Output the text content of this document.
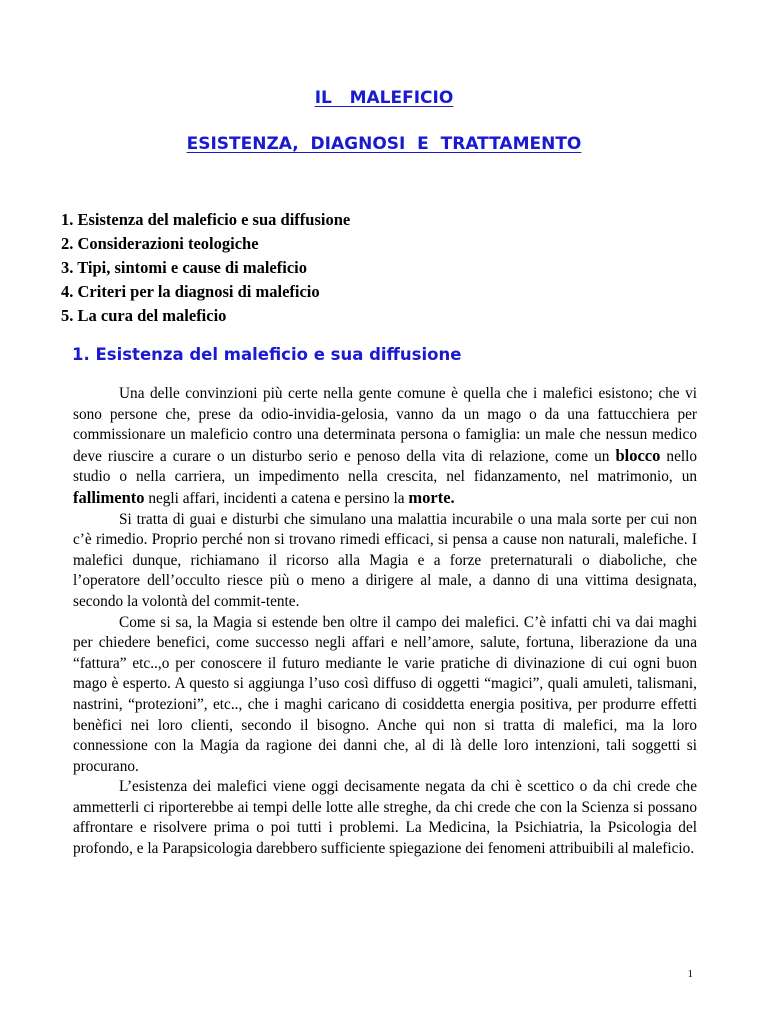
IL   MALEFICIO
ESISTENZA,  DIAGNOSI  E  TRATTAMENTO
1. Esistenza del maleficio e sua diffusione
2. Considerazioni teologiche
3. Tipi, sintomi e cause di maleficio
4. Criteri per la diagnosi di maleficio
5. La cura del maleficio
1. Esistenza del maleficio e sua diffusione

Una delle convinzioni più certe nella gente comune è quella che i malefici esistono; che vi sono persone che, prese da odio-invidia-gelosia, vanno da un mago o da una fattucchiera per commissionare un maleficio contro una determinata persona o famiglia: un male che nessun medico deve riuscire a curare o un disturbo serio e penoso della vita di relazione, come un blocco nello studio o nella carriera, un impedimento nella crescita, nel fidanzamento, nel matrimonio, un fallimento negli affari, incidenti a catena e persino la morte.

Si tratta di guai e disturbi che simulano una malattia incurabile o una mala sorte per cui non c’è rimedio. Proprio perché non si trovano rimedi efficaci, si pensa a cause non naturali, malefiche. I malefici dunque, richiamano il ricorso alla Magia e a forze preternaturali o diaboliche, che l’operatore dell’occulto riesce più o meno a dirigere al male, a danno di una vittima designata, secondo la volontà del commit-tente.

Come si sa, la Magia si estende ben oltre il campo dei malefici. C’è infatti chi va dai maghi per chiedere benefici, come successo negli affari e nell’amore, salute, fortuna, liberazione da una “fattura” etc..,o per conoscere il futuro mediante le varie pratiche di divinazione di cui ogni buon mago è esperto. A questo si aggiunga l’uso così diffuso di oggetti “magici”, quali amuleti, talismani, nastrini, “protezioni”, etc.., che i maghi caricano di cosiddetta energia positiva, per produrre effetti benèfici nei loro clienti, secondo il bisogno. Anche qui non si tratta di malefici, ma la loro connessione con la Magia da ragione dei danni che, al di là delle loro intenzioni, tali soggetti si procurano.

L’esistenza dei malefici viene oggi decisamente negata da chi è scettico o da chi crede che ammetterli ci riporterebbe ai tempi delle lotte alle streghe, da chi crede che con la Scienza si possano affrontare e risolvere prima o poi tutti i problemi. La Medicina, la Psichiatria, la Psicologia del profondo, e la Parapsicologia darebbero sufficiente spiegazione dei fenomeni attribuibili al maleficio.

1
